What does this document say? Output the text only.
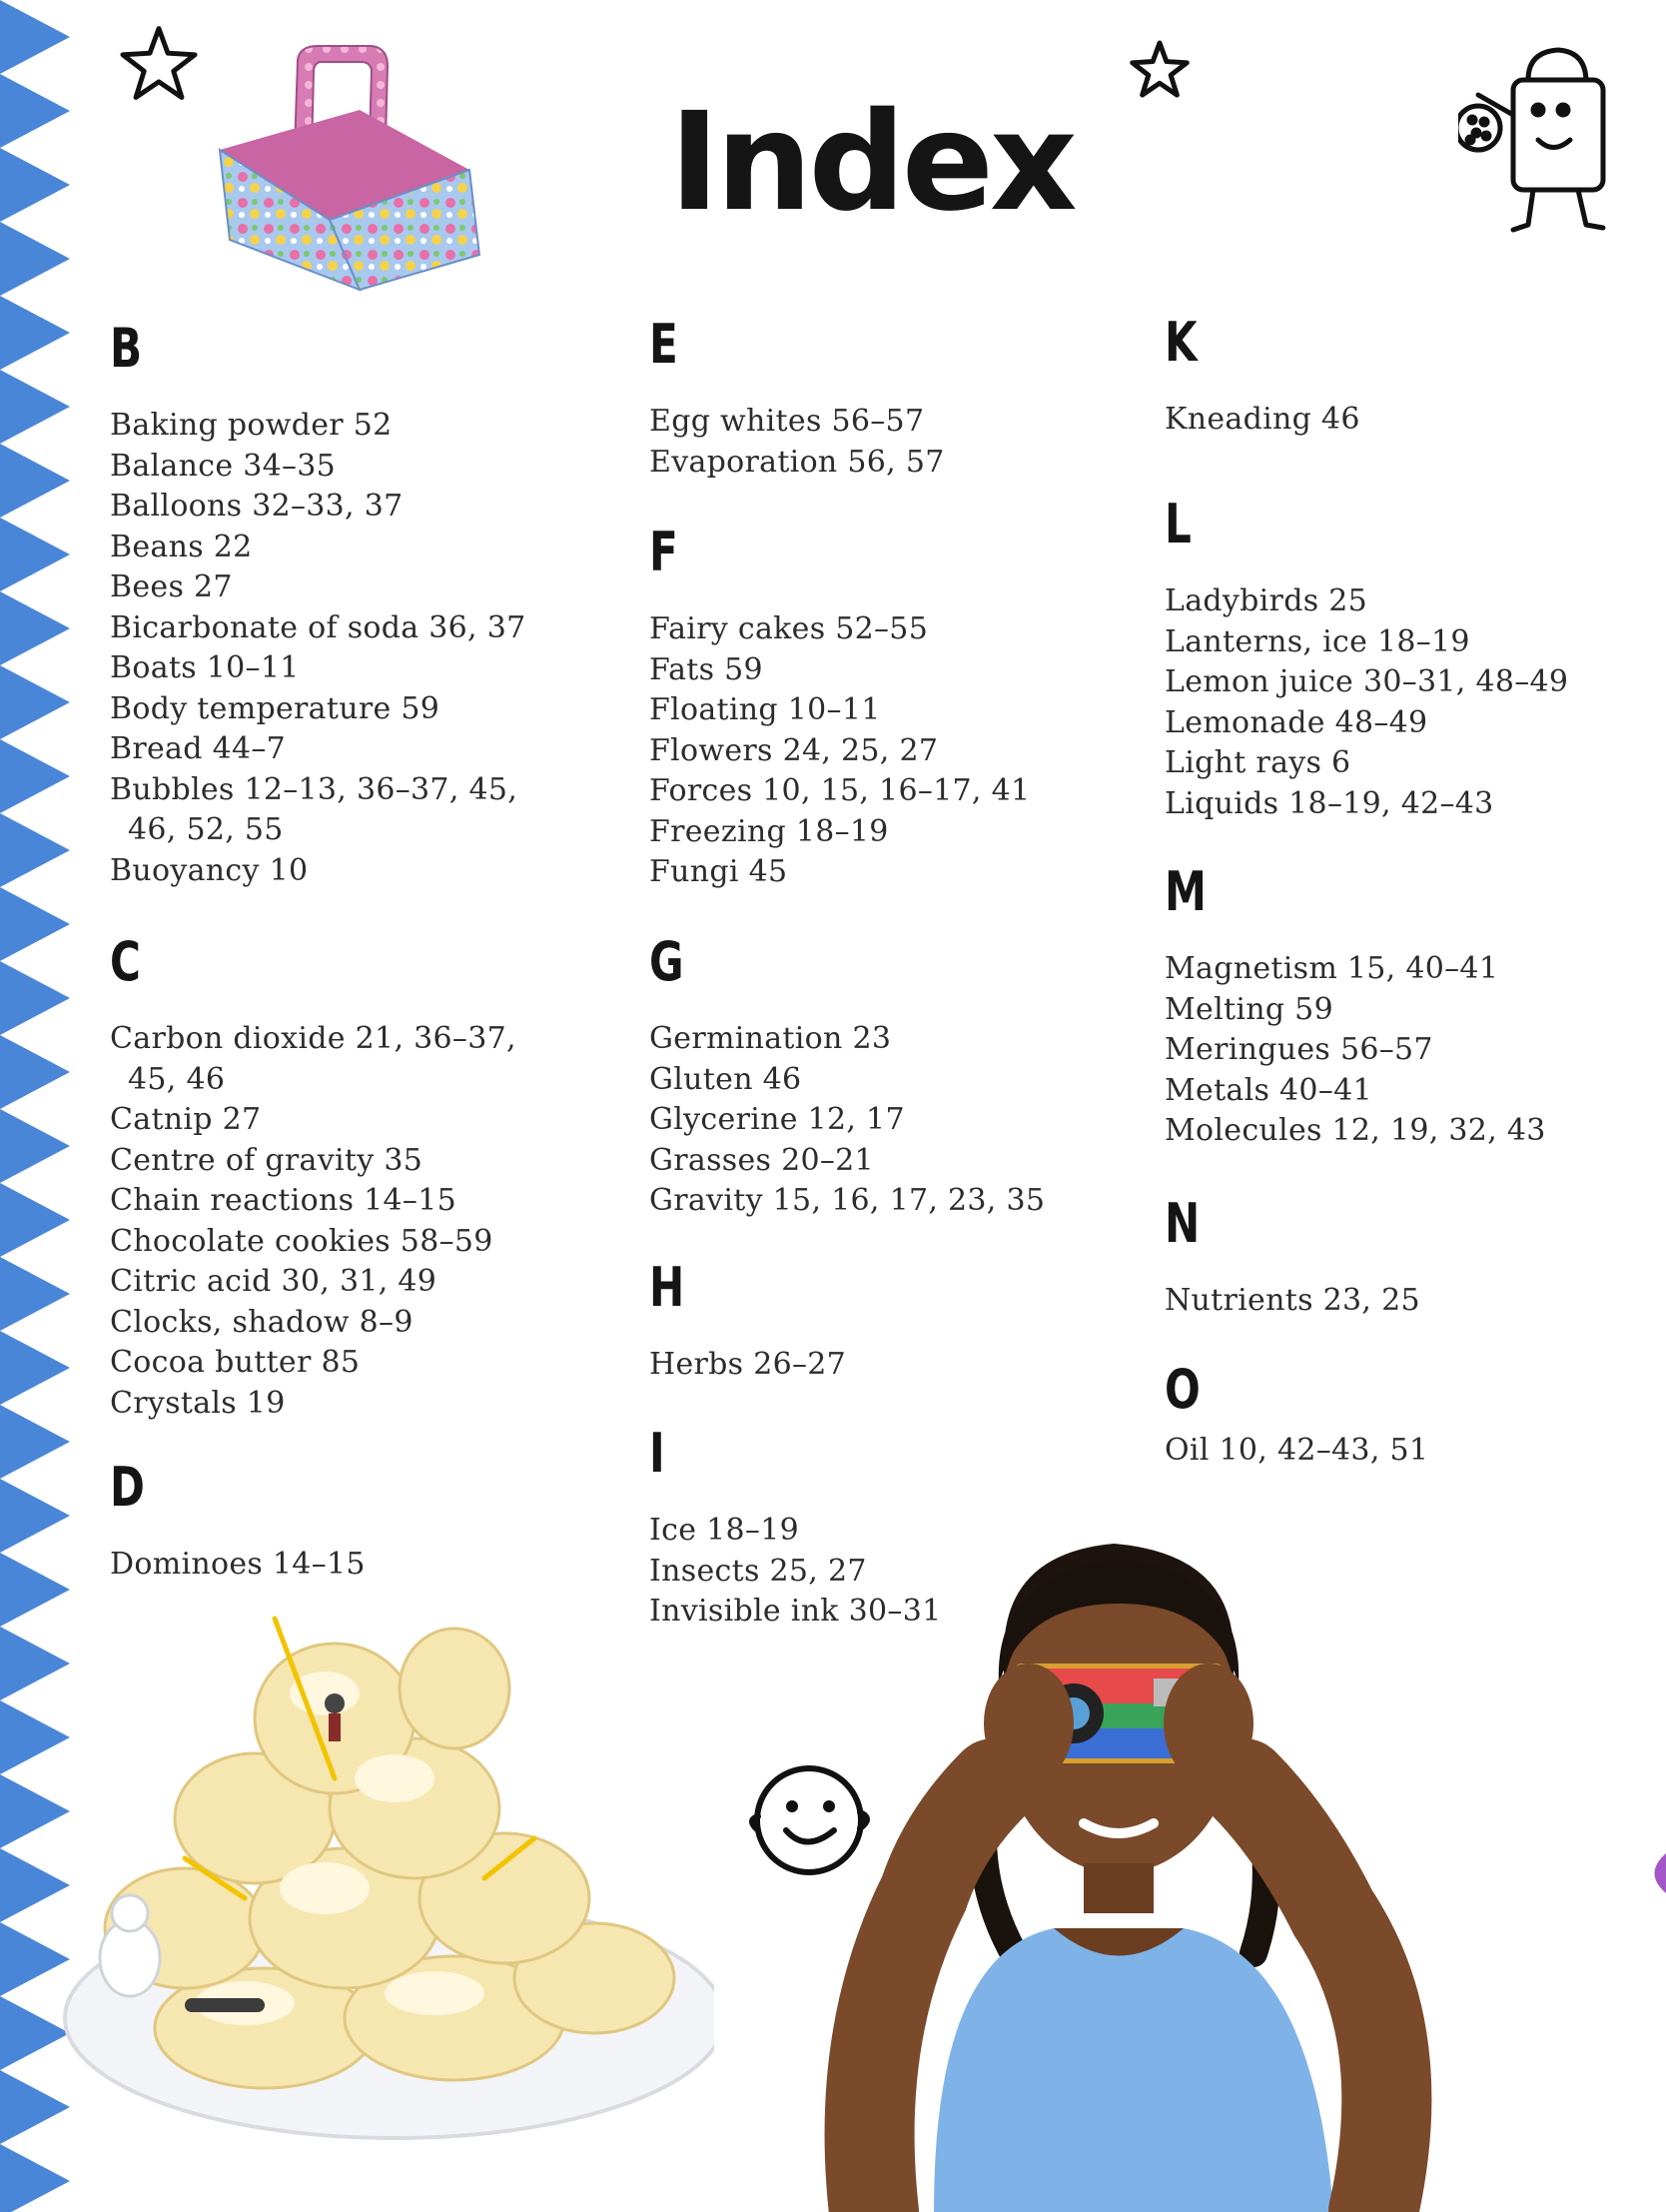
Index
B
Baking powder 52
Balance 34–35
Balloons 32–33, 37
Beans 22
Bees 27
Bicarbonate of soda 36, 37
Boats 10–11
Body temperature 59
Bread 44–7
Bubbles 12–13, 36–37, 45,
46, 52, 55
Buoyancy 10
C
Carbon dioxide 21, 36–37,
45, 46
Catnip 27
Centre of gravity 35
Chain reactions 14–15
Chocolate cookies 58–59
Citric acid 30, 31, 49
Clocks, shadow 8–9
Cocoa butter 85
Crystals 19
D
Dominoes 14–15
E
Egg whites 56–57
Evaporation 56, 57
F
Fairy cakes 52–55
Fats 59
Floating 10–11
Flowers 24, 25, 27
Forces 10, 15, 16–17, 41
Freezing 18–19
Fungi 45
G
Germination 23
Gluten 46
Glycerine 12, 17
Grasses 20–21
Gravity 15, 16, 17, 23, 35
H
Herbs 26–27
I
Ice 18–19
Insects 25, 27
Invisible ink 30–31
K
Kneading 46
L
Ladybirds 25
Lanterns, ice 18–19
Lemon juice 30–31, 48–49
Lemonade 48–49
Light rays 6
Liquids 18–19, 42–43
M
Magnetism 15, 40–41
Melting 59
Meringues 56–57
Metals 40–41
Molecules 12, 19, 32, 43
N
Nutrients 23, 25
O
Oil 10, 42–43, 51
